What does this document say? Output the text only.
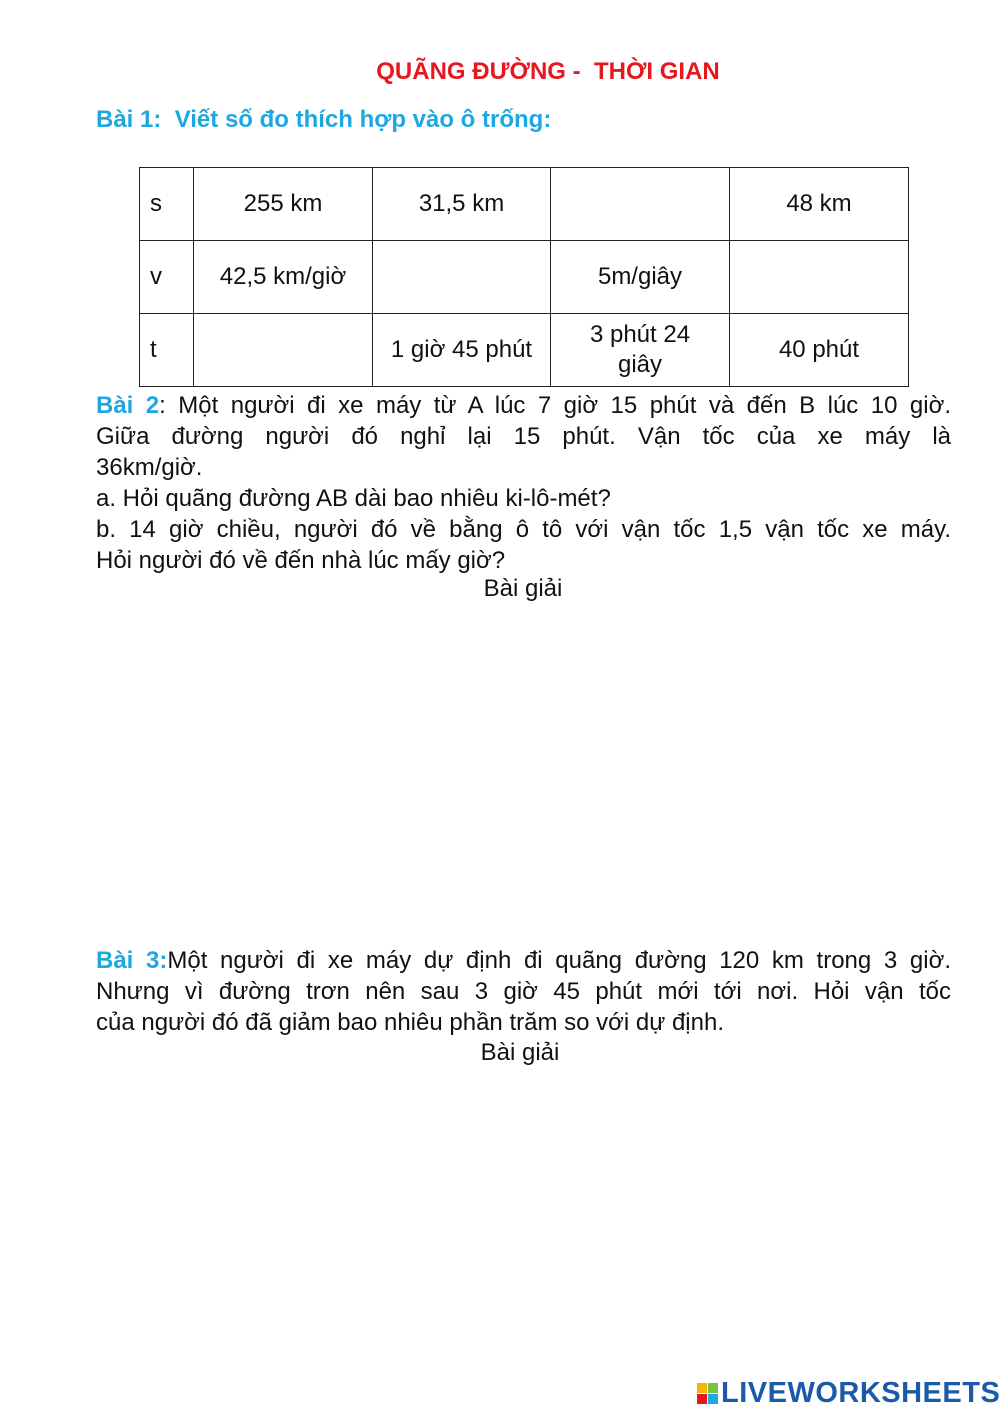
QUÃNG ĐƯỜNG -  THỜI GIAN
Bài 1:  Viết số đo thích hợp vào ô trống:
s	255 km	31,5 km		48 km
v	42,5 km/giờ		5m/giây	
t		1 giờ 45 phút	3 phút 24 giây	40 phút
Bài 2: Một người đi xe máy từ A lúc 7 giờ 15 phút và đến B lúc 10 giờ.
Giữa đường người đó nghỉ lại 15 phút. Vận tốc của xe máy là
36km/giờ.
a. Hỏi quãng đường AB dài bao nhiêu ki-lô-mét?
b. 14 giờ chiều, người đó về bằng ô tô với vận tốc 1,5 vận tốc xe máy.
Hỏi người đó về đến nhà lúc mấy giờ?
Bài giải
Bài 3:Một người đi xe máy dự định đi quãng đường 120 km trong 3 giờ.
Nhưng vì đường trơn nên sau 3 giờ 45 phút mới tới nơi. Hỏi vận tốc
của người đó đã giảm bao nhiêu phần trăm so với dự định.
Bài giải
LIVEWORKSHEETS
